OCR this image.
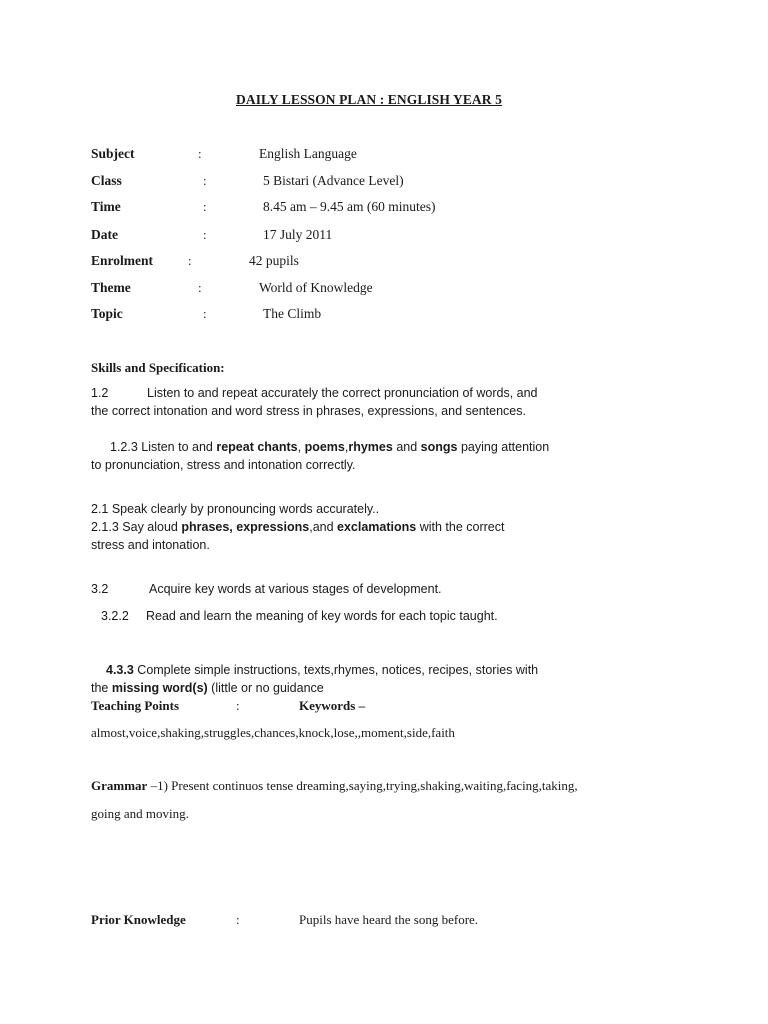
DAILY LESSON PLAN : ENGLISH YEAR 5
Subject	:	English Language
Class	:	5 Bistari (Advance Level)
Time	:	8.45 am – 9.45 am (60 minutes)
Date	:	17 July 2011
Enrolment	:	42 pupils
Theme	:	World of Knowledge
Topic	:	The Climb
Skills and Specification:
1.2	Listen to and repeat accurately the correct pronunciation of words, and
the correct intonation and word stress in phrases, expressions, and sentences.
1.2.3 Listen to and repeat chants, poems,rhymes and songs paying attention
to pronunciation, stress and intonation correctly.
2.1 Speak clearly by pronouncing words accurately..
2.1.3 Say aloud phrases, expressions,and exclamations with the correct
stress and intonation.
3.2	Acquire key words at various stages of development.
3.2.2 Read and learn the meaning of key words for each topic taught.
4.3.3 Complete simple instructions, texts,rhymes, notices, recipes, stories with
the missing word(s) (little or no guidance
Teaching Points	:	Keywords –
almost,voice,shaking,struggles,chances,knock,lose,,moment,side,faith
Grammar –1) Present continuos tense dreaming,saying,trying,shaking,waiting,facing,taking,
going and moving.
Prior Knowledge	:	Pupils have heard the song before.
